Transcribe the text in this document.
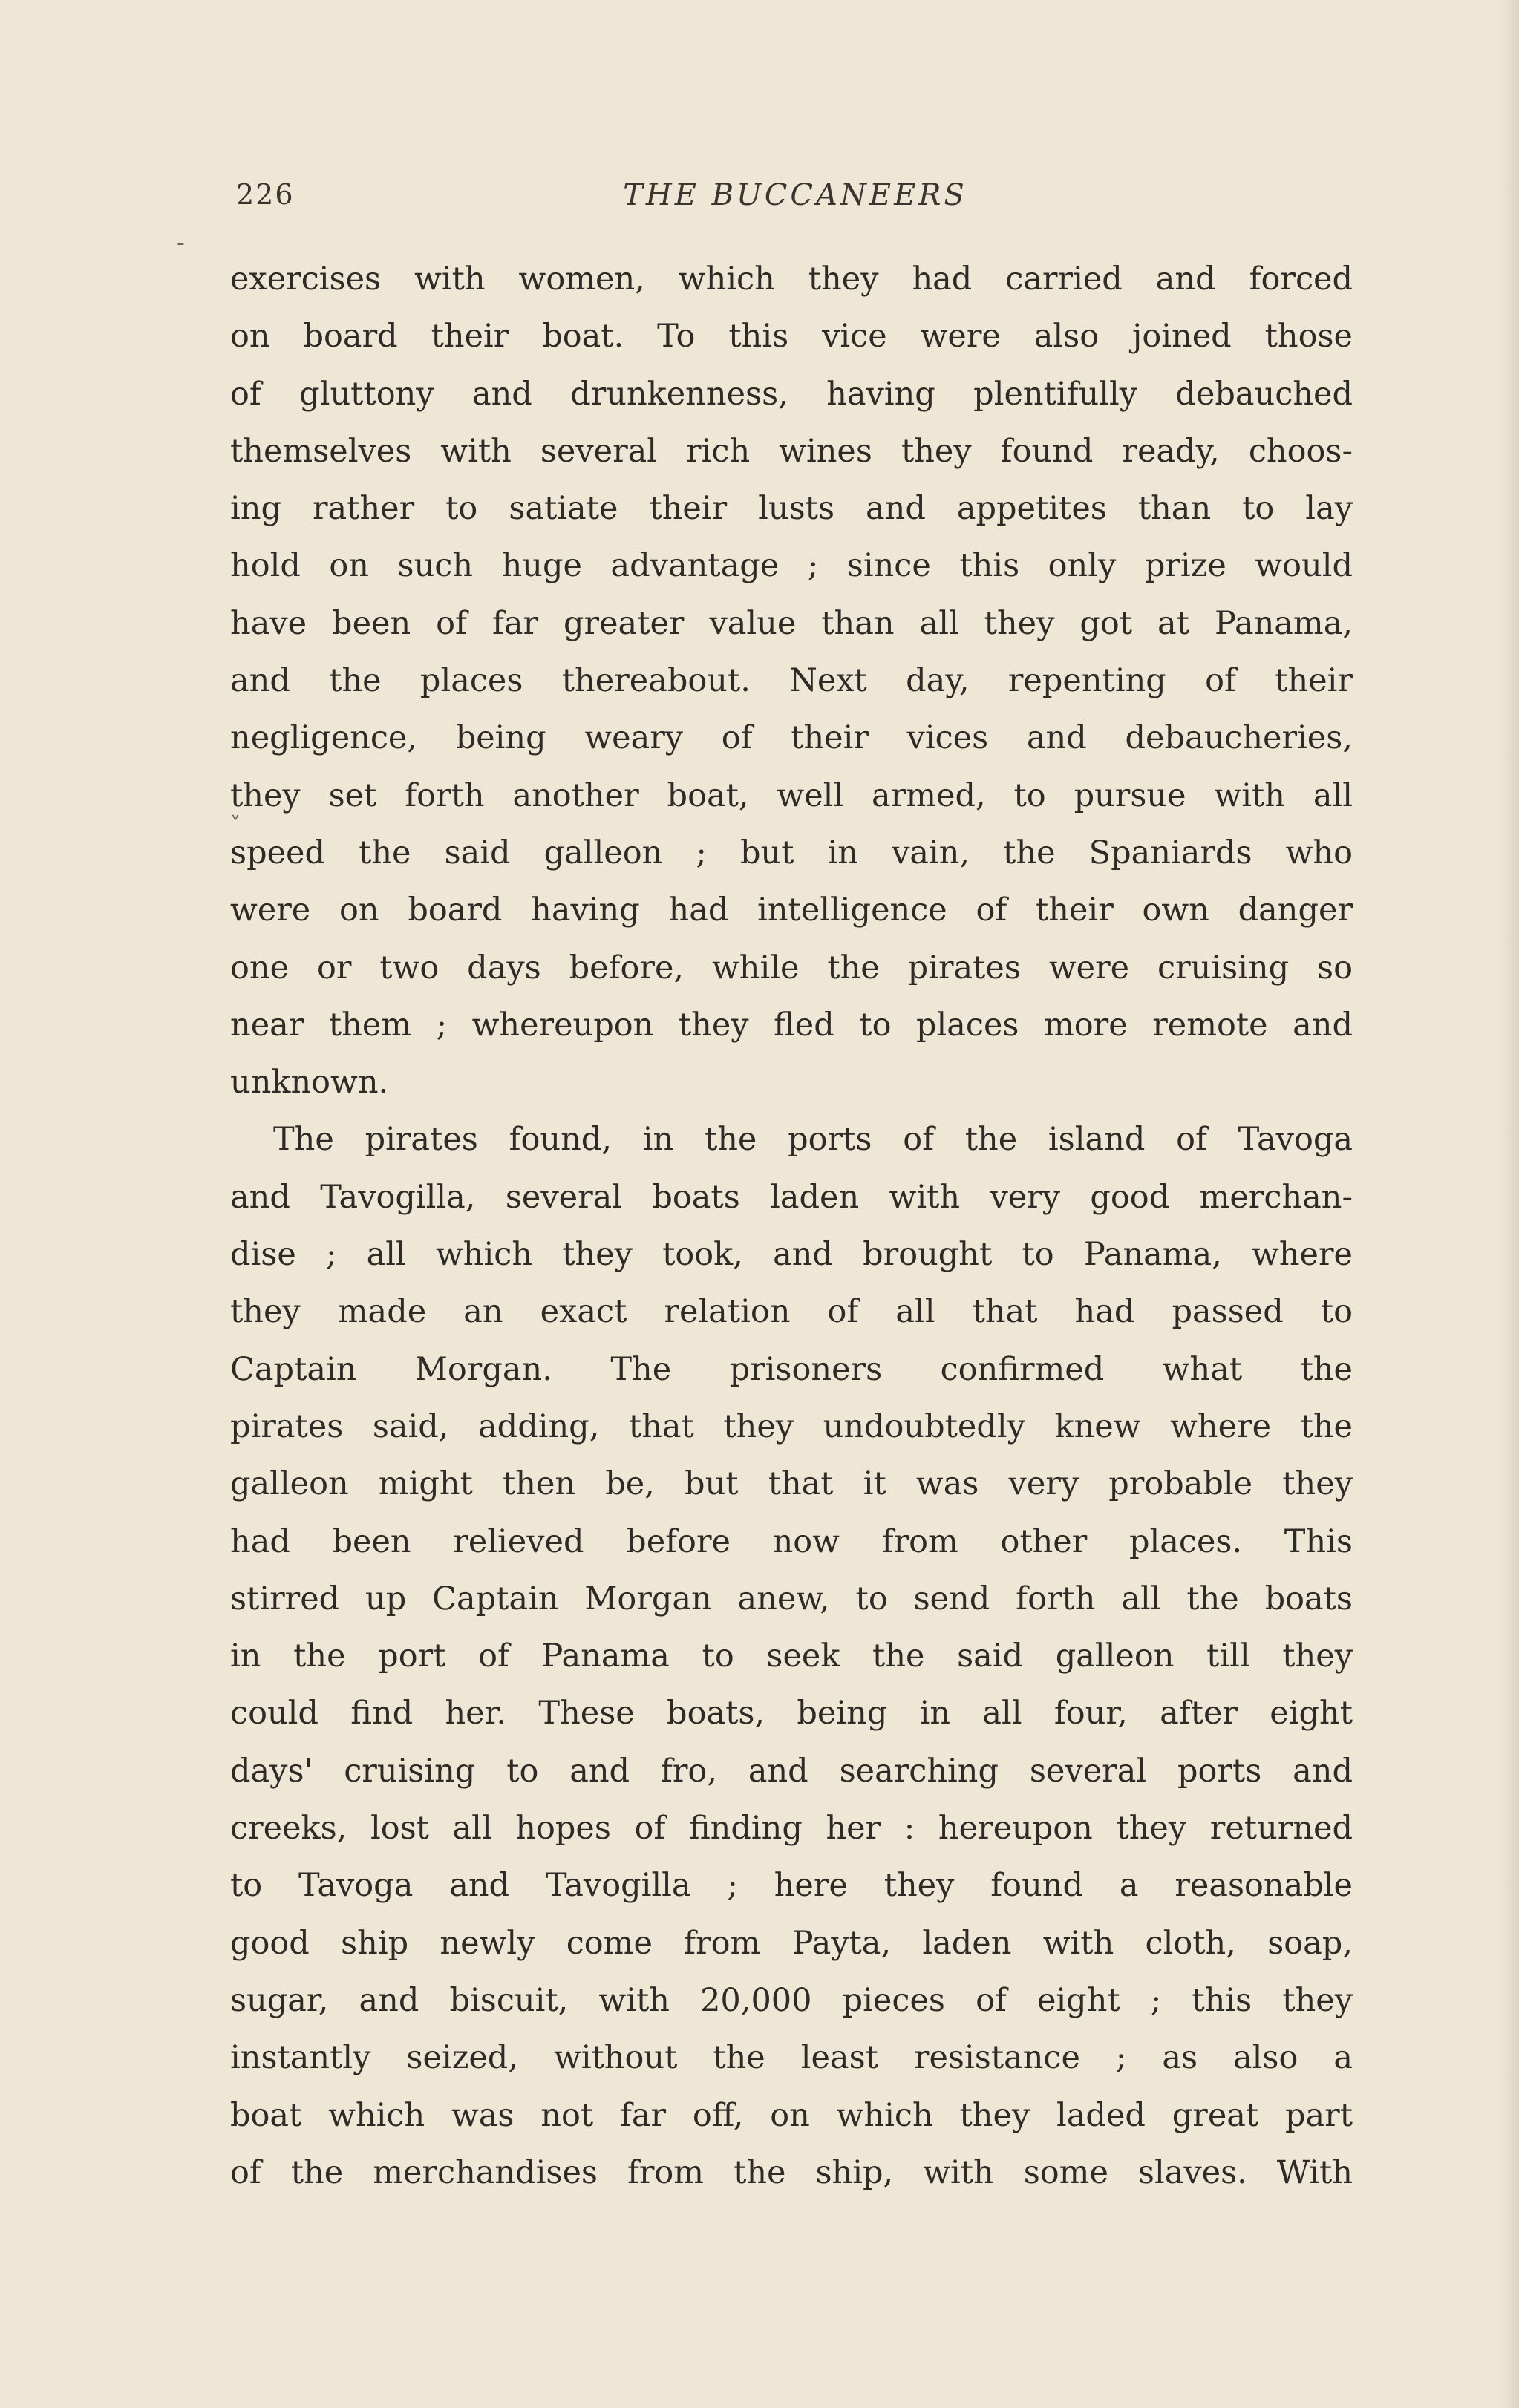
226	THE BUCCANEERS
-
˅
exercises with women, which they had carried and forced
on board their boat. To this vice were also joined those
of gluttony and drunkenness, having plentifully debauched
themselves with several rich wines they found ready, choos-
ing rather to satiate their lusts and appetites than to lay
hold on such huge advantage ; since this only prize would
have been of far greater value than all they got at Panama,
and the places thereabout. Next day, repenting of their
negligence, being weary of their vices and debaucheries,
they set forth another boat, well armed, to pursue with all
speed the said galleon ; but in vain, the Spaniards who
were on board having had intelligence of their own danger
one or two days before, while the pirates were cruising so
near them ; whereupon they fled to places more remote and
unknown.
The pirates found, in the ports of the island of Tavoga
and Tavogilla, several boats laden with very good merchan-
dise ; all which they took, and brought to Panama, where
they made an exact relation of all that had passed to
Captain Morgan. The prisoners confirmed what the
pirates said, adding, that they undoubtedly knew where the
galleon might then be, but that it was very probable they
had been relieved before now from other places. This
stirred up Captain Morgan anew, to send forth all the boats
in the port of Panama to seek the said galleon till they
could find her. These boats, being in all four, after eight
days' cruising to and fro, and searching several ports and
creeks, lost all hopes of finding her : hereupon they returned
to Tavoga and Tavogilla ; here they found a reasonable
good ship newly come from Payta, laden with cloth, soap,
sugar, and biscuit, with 20,000 pieces of eight ; this they
instantly seized, without the least resistance ; as also a
boat which was not far off, on which they laded great part
of the merchandises from the ship, with some slaves. With
